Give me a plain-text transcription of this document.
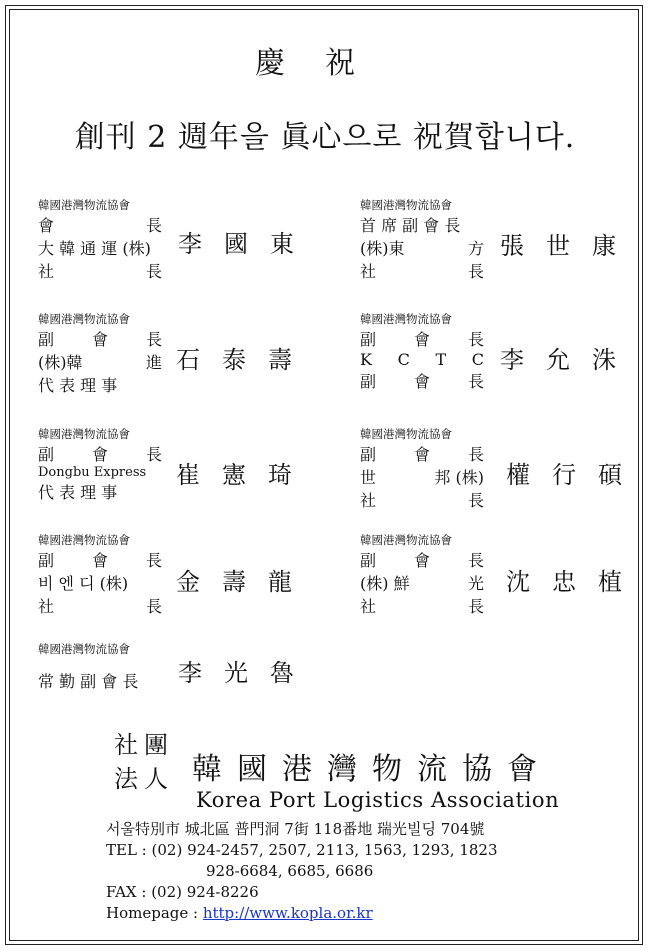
慶祝
創刊 2 週年을 眞心으로 祝賀합니다.
韓國港灣物流協會
會	長
大 韓 通 運 (株)
社	長
李國東
韓國港灣物流協會
首 席 副 會 長
(株)東	方
社	長
張世康
韓國港灣物流協會
副 會 長
(株)韓	進
代 表 理 事
石泰壽
韓國港灣物流協會
副 會 長
K C T C
副 會 長
李允洙
韓國港灣物流協會
副 會 長
Dongbu Express
代 表 理 事
崔憲琦
韓國港灣物流協會
副 會 長
世	邦 (株)
社	長
權行碩
韓國港灣物流協會
副 會 長
비 엔 디 (株)
社	長
金壽龍
韓國港灣物流協會
副 會 長
(株) 鮮	光
社	長
沈忠植
韓國港灣物流協會
常 勤 副 會 長 李光魯
社團
法人 韓國港灣物流協會
Korea Port Logistics Association
서울特別市 城北區 普門洞 7街 118番地 瑞光빌딩 704號
TEL : (02) 924-2457, 2507, 2113, 1563, 1293, 1823
928-6684, 6685, 6686
FAX : (02) 924-8226
Homepage : http://www.kopla.or.kr
